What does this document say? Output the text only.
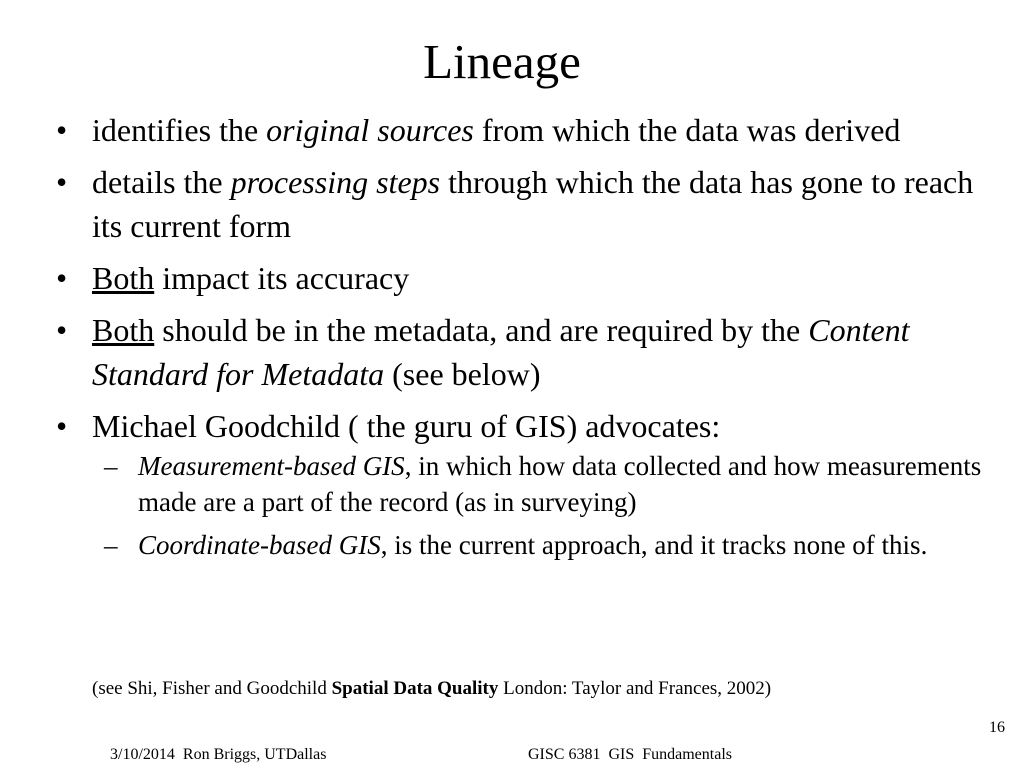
Lineage
• identifies the original sources from which the data was derived
• details the processing steps through which the data has gone to reach its current form
• Both impact its accuracy
• Both should be in the metadata, and are required by the Content Standard for Metadata (see below)
• Michael Goodchild ( the guru of GIS) advocates:
– Measurement-based GIS, in which how data collected and how measurements made are a part of the record (as in surveying)
– Coordinate-based GIS, is the current approach, and it tracks none of this.
(see Shi, Fisher and Goodchild Spatial Data Quality London: Taylor and Frances, 2002)
16
3/10/2014  Ron Briggs, UTDallas	GISC 6381  GIS  Fundamentals
